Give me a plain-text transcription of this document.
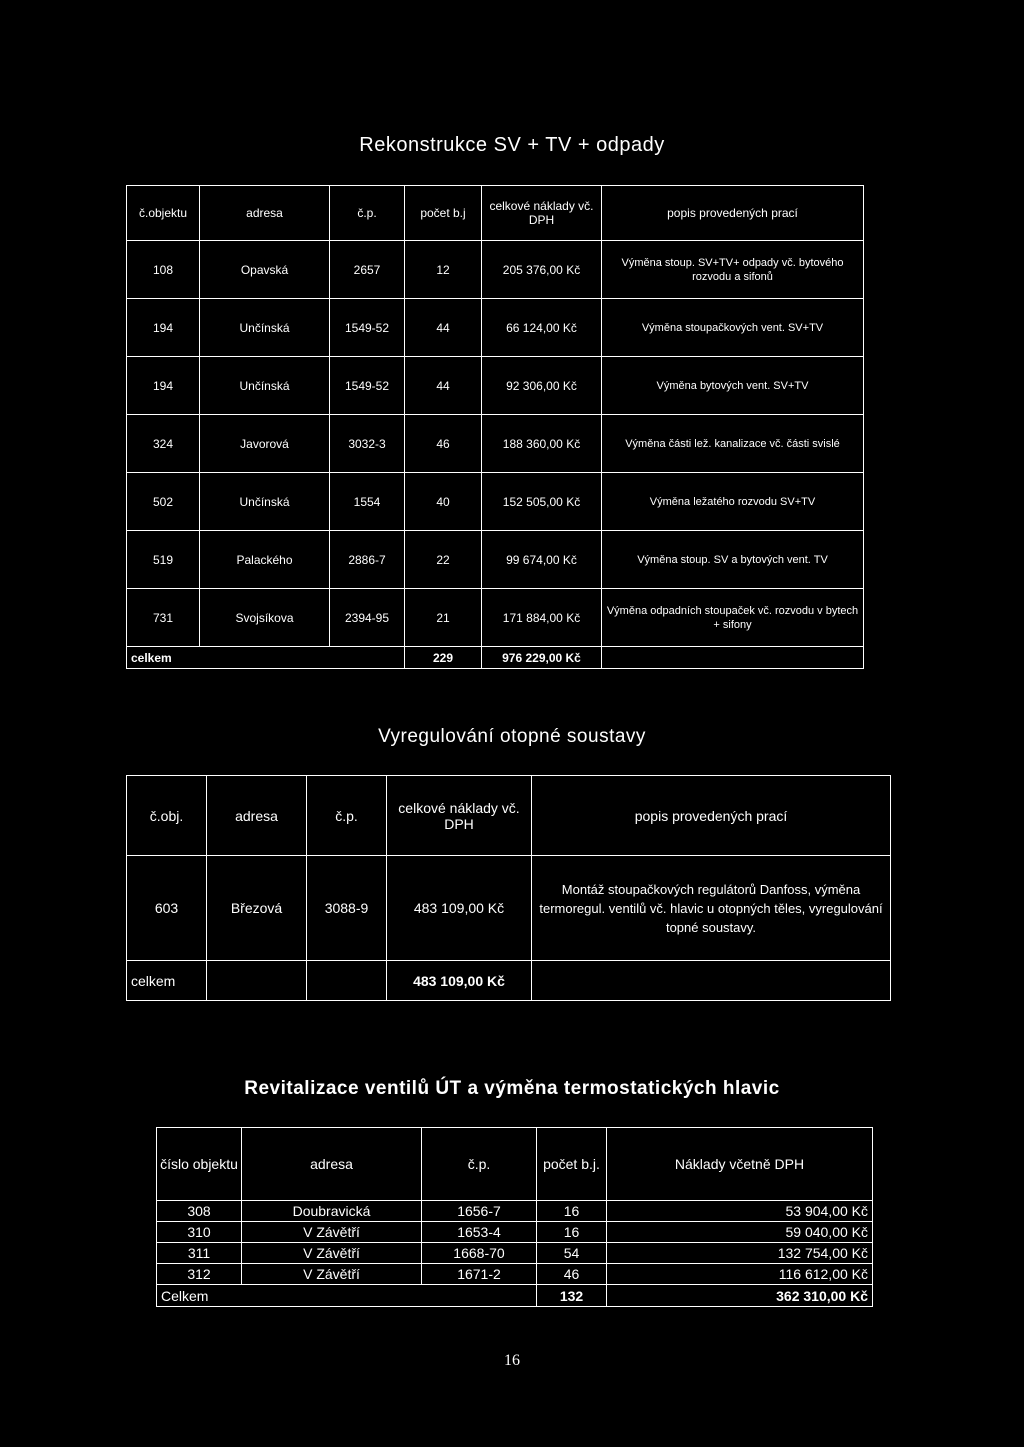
Rekonstrukce SV + TV + odpady
č.objektu	adresa	č.p.	počet b.j	celkové náklady vč. DPH	popis provedených prací
108	Opavská	2657	12	205 376,00 Kč	Výměna stoup. SV+TV+ odpady vč. bytového rozvodu a sifonů
194	Unčínská	1549-52	44	66 124,00 Kč	Výměna stoupačkových vent. SV+TV
194	Unčínská	1549-52	44	92 306,00 Kč	Výměna bytových vent. SV+TV
324	Javorová	3032-3	46	188 360,00 Kč	Výměna části lež. kanalizace vč. části svislé
502	Unčínská	1554	40	152 505,00 Kč	Výměna ležatého rozvodu SV+TV
519	Palackého	2886-7	22	99 674,00 Kč	Výměna stoup. SV a bytových vent. TV
731	Svojsíkova	2394-95	21	171 884,00 Kč	Výměna odpadních stoupaček vč. rozvodu v bytech + sifony
celkem			229	976 229,00 Kč	
Vyregulování otopné soustavy
č.obj.	adresa	č.p.	celkové náklady vč. DPH	popis provedených prací
603	Březová	3088-9	483 109,00 Kč	Montáž stoupačkových regulátorů Danfoss, výměna termoregul. ventilů vč. hlavic u otopných těles, vyregulování topné soustavy.
celkem			483 109,00 Kč	
Revitalizace ventilů ÚT a výměna termostatických hlavic
číslo objektu	adresa	č.p.	počet b.j.	Náklady včetně DPH
308	Doubravická	1656-7	16	53 904,00 Kč
310	V Závětří	1653-4	16	59 040,00 Kč
311	V Závětří	1668-70	54	132 754,00 Kč
312	V Závětří	1671-2	46	116 612,00 Kč
Celkem			132	362 310,00 Kč
16
